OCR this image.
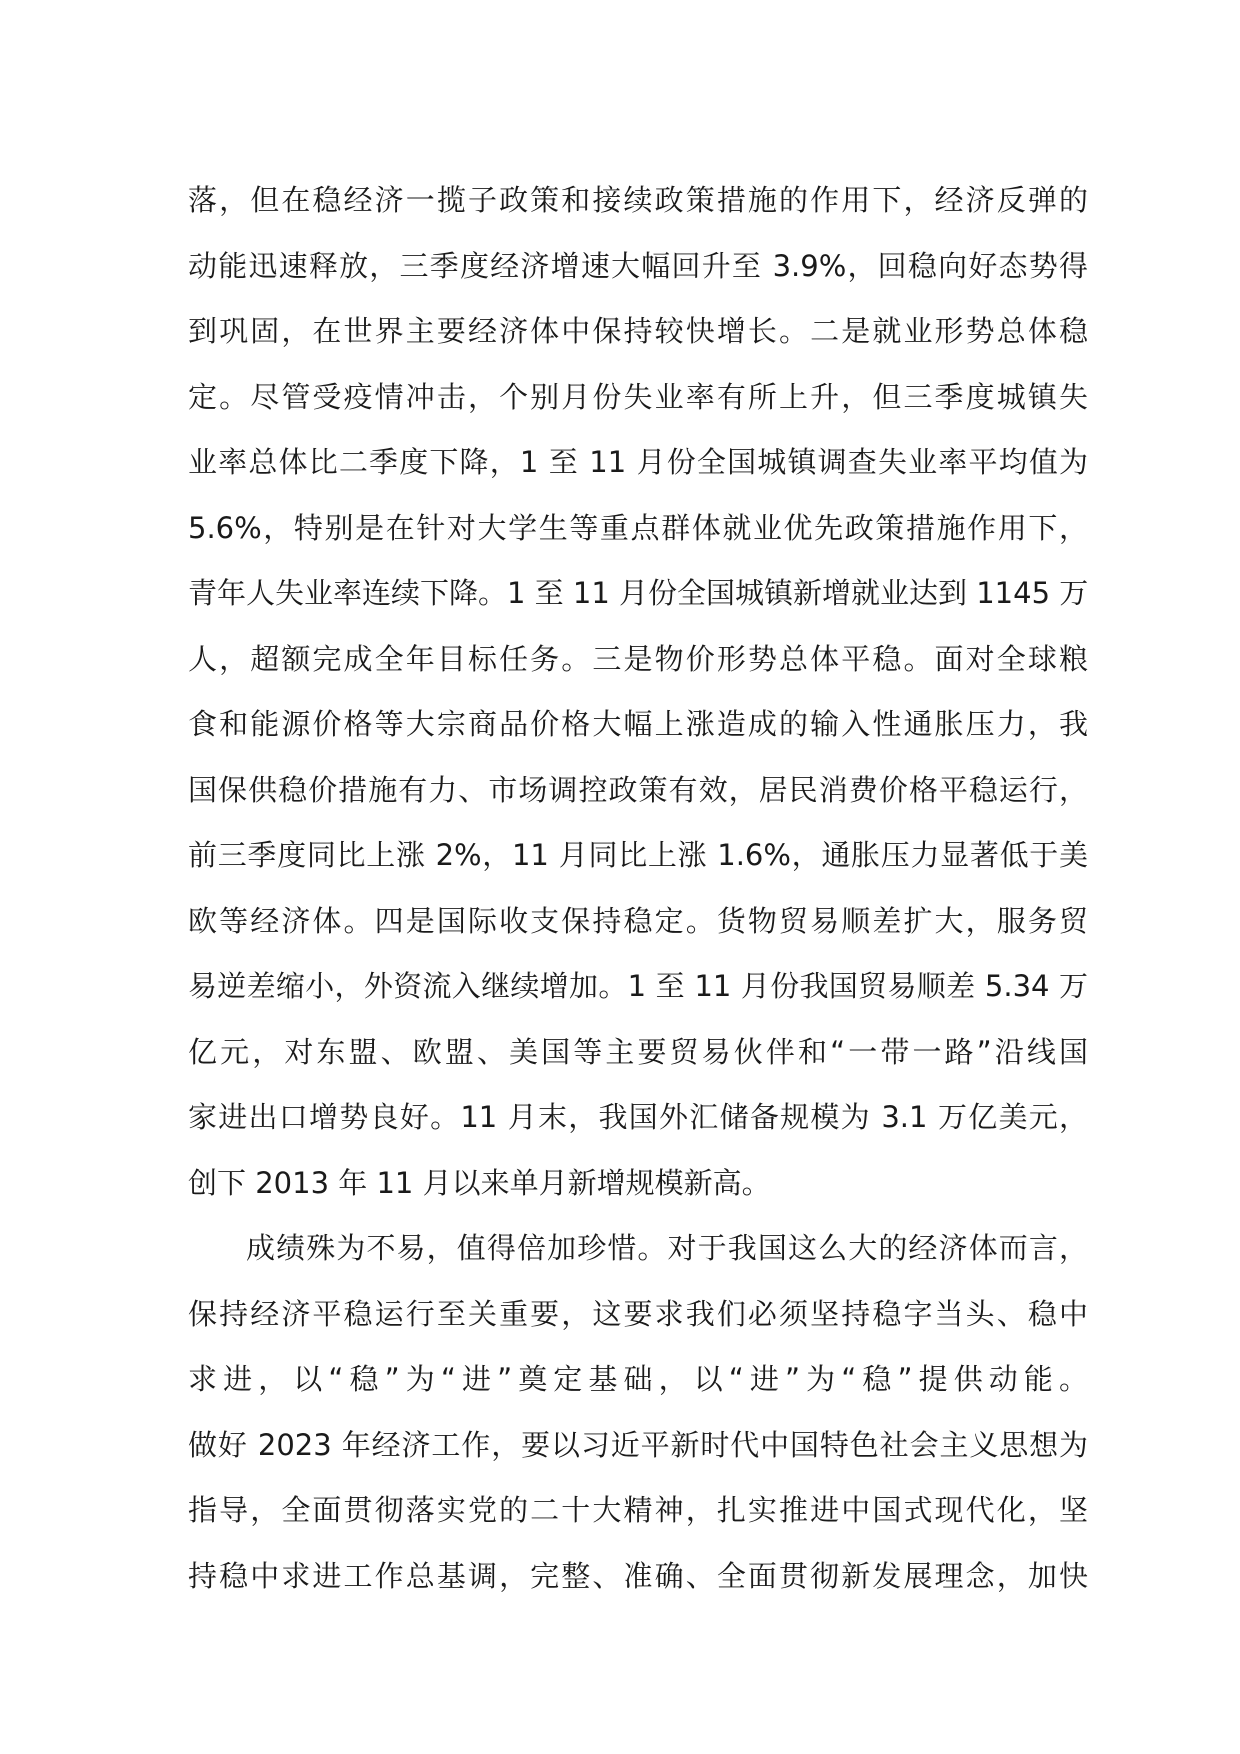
落，但在稳经济一揽子政策和接续政策措施的作用下，经济反弹的
动能迅速释放，三季度经济增速大幅回升至 3.9%，回稳向好态势得
到巩固，在世界主要经济体中保持较快增长。二是就业形势总体稳
定。尽管受疫情冲击，个别月份失业率有所上升，但三季度城镇失
业率总体比二季度下降，1 至 11 月份全国城镇调查失业率平均值为
5.6%，特别是在针对大学生等重点群体就业优先政策措施作用下，
青年人失业率连续下降。1 至 11 月份全国城镇新增就业达到 1145 万
人，超额完成全年目标任务。三是物价形势总体平稳。面对全球粮
食和能源价格等大宗商品价格大幅上涨造成的输入性通胀压力，我
国保供稳价措施有力、市场调控政策有效，居民消费价格平稳运行，
前三季度同比上涨 2%，11 月同比上涨 1.6%，通胀压力显著低于美
欧等经济体。四是国际收支保持稳定。货物贸易顺差扩大，服务贸
易逆差缩小，外资流入继续增加。1 至 11 月份我国贸易顺差 5.34 万
亿元，对东盟、欧盟、美国等主要贸易伙伴和“一带一路”沿线国
家进出口增势良好。11 月末，我国外汇储备规模为 3.1 万亿美元，
创下 2013 年 11 月以来单月新增规模新高。
成绩殊为不易，值得倍加珍惜。对于我国这么大的经济体而言，
保持经济平稳运行至关重要，这要求我们必须坚持稳字当头、稳中
求进，以“稳”为“进”奠定基础，以“进”为“稳”提供动能。
做好 2023 年经济工作，要以习近平新时代中国特色社会主义思想为
指导，全面贯彻落实党的二十大精神，扎实推进中国式现代化，坚
持稳中求进工作总基调，完整、准确、全面贯彻新发展理念，加快
